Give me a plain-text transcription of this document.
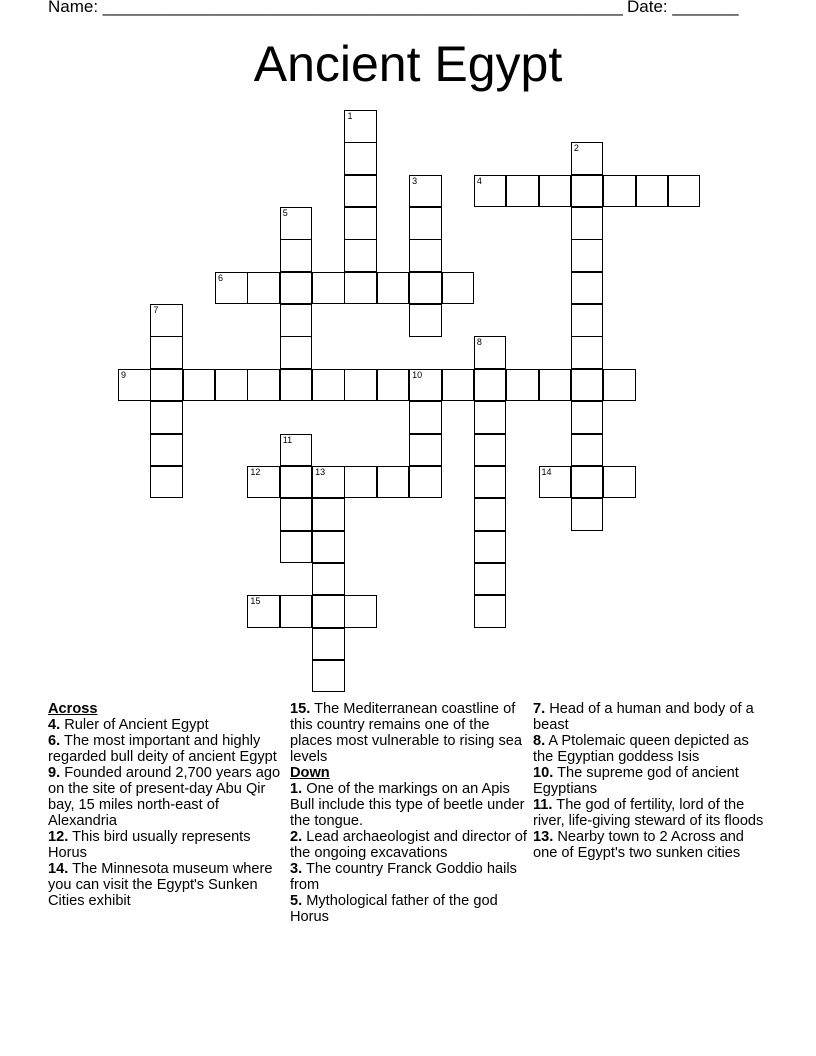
Name: _______________________________________________________ Date: _______
Ancient Egypt
1
2
3	4
5
6
7
8
9	10
11
12	13	14
15
Across
4. Ruler of Ancient Egypt
6. The most important and highly regarded bull deity of ancient Egypt
9. Founded around 2,700 years ago on the site of present-day Abu Qir bay, 15 miles north-east of Alexandria
12. This bird usually represents Horus
14. The Minnesota museum where you can visit the Egypt's Sunken Cities exhibit
15. The Mediterranean coastline of this country remains one of the places most vulnerable to rising sea levels
Down
1. One of the markings on an Apis Bull include this type of beetle under the tongue.
2. Lead archaeologist and director of the ongoing excavations
3. The country Franck Goddio hails from
5. Mythological father of the god Horus
7. Head of a human and body of a beast
8. A Ptolemaic queen depicted as the Egyptian goddess Isis
10. The supreme god of ancient Egyptians
11. The god of fertility, lord of the river, life-giving steward of its floods
13. Nearby town to 2 Across and one of Egypt's two sunken cities
